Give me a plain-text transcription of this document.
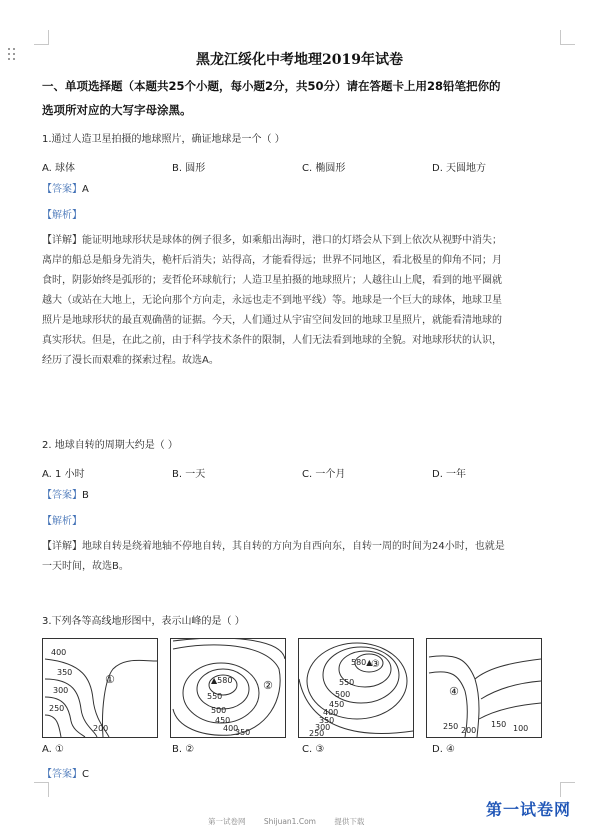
黑龙江绥化中考地理2019年试卷
一、单项选择题（本题共25个小题，每小题2分，共50分）请在答题卡上用28铅笔把你的
选项所对应的大写字母涂黑。
1.通过人造卫星拍摄的地球照片，确证地球是一个（ ）
A. 球体	B. 圆形	C. 椭圆形	D. 天圆地方
【答案】A
【解析】
【详解】能证明地球形状是球体的例子很多，如乘船出海时，港口的灯塔会从下到上依次从视野中消失；
离岸的船总是船身先消失，桅杆后消失；站得高，才能看得远；世界不同地区，看北极星的仰角不同；月
食时，阴影始终是弧形的；麦哲伦环球航行；人造卫星拍摄的地球照片；人越往山上爬，看到的地平圈就
越大（或站在大地上，无论向那个方向走，永远也走不到地平线）等。地球是一个巨大的球体，地球卫星
照片是地球形状的最直观确凿的证据。今天，人们通过从宇宙空间发回的地球卫星照片，就能看清地球的
真实形状。但是，在此之前，由于科学技术条件的限制，人们无法看到地球的全貌。对地球形状的认识，
经历了漫长而艰难的探索过程。故选A。
2. 地球自转的周期大约是（ ）
A. 1 小时	B. 一天	C. 一个月	D. 一年
【答案】B
【解析】
【详解】地球自转是绕着地轴不停地自转，其自转的方向为自西向东，自转一周的时间为24小时，也就是
一天时间，故选B。
3.下列各等高线地形图中，表示山峰的是（ ）
400
350
300
250
200
①	▲580
550
500
450
400
350
②
580▲
550
500
450
400
350
300
250
③
250 200
150 100
④
A. ①	B. ②	C. ③	D. ④
【答案】C
第一试卷网 Shijuan1.Com 提供下载
第一试卷网
